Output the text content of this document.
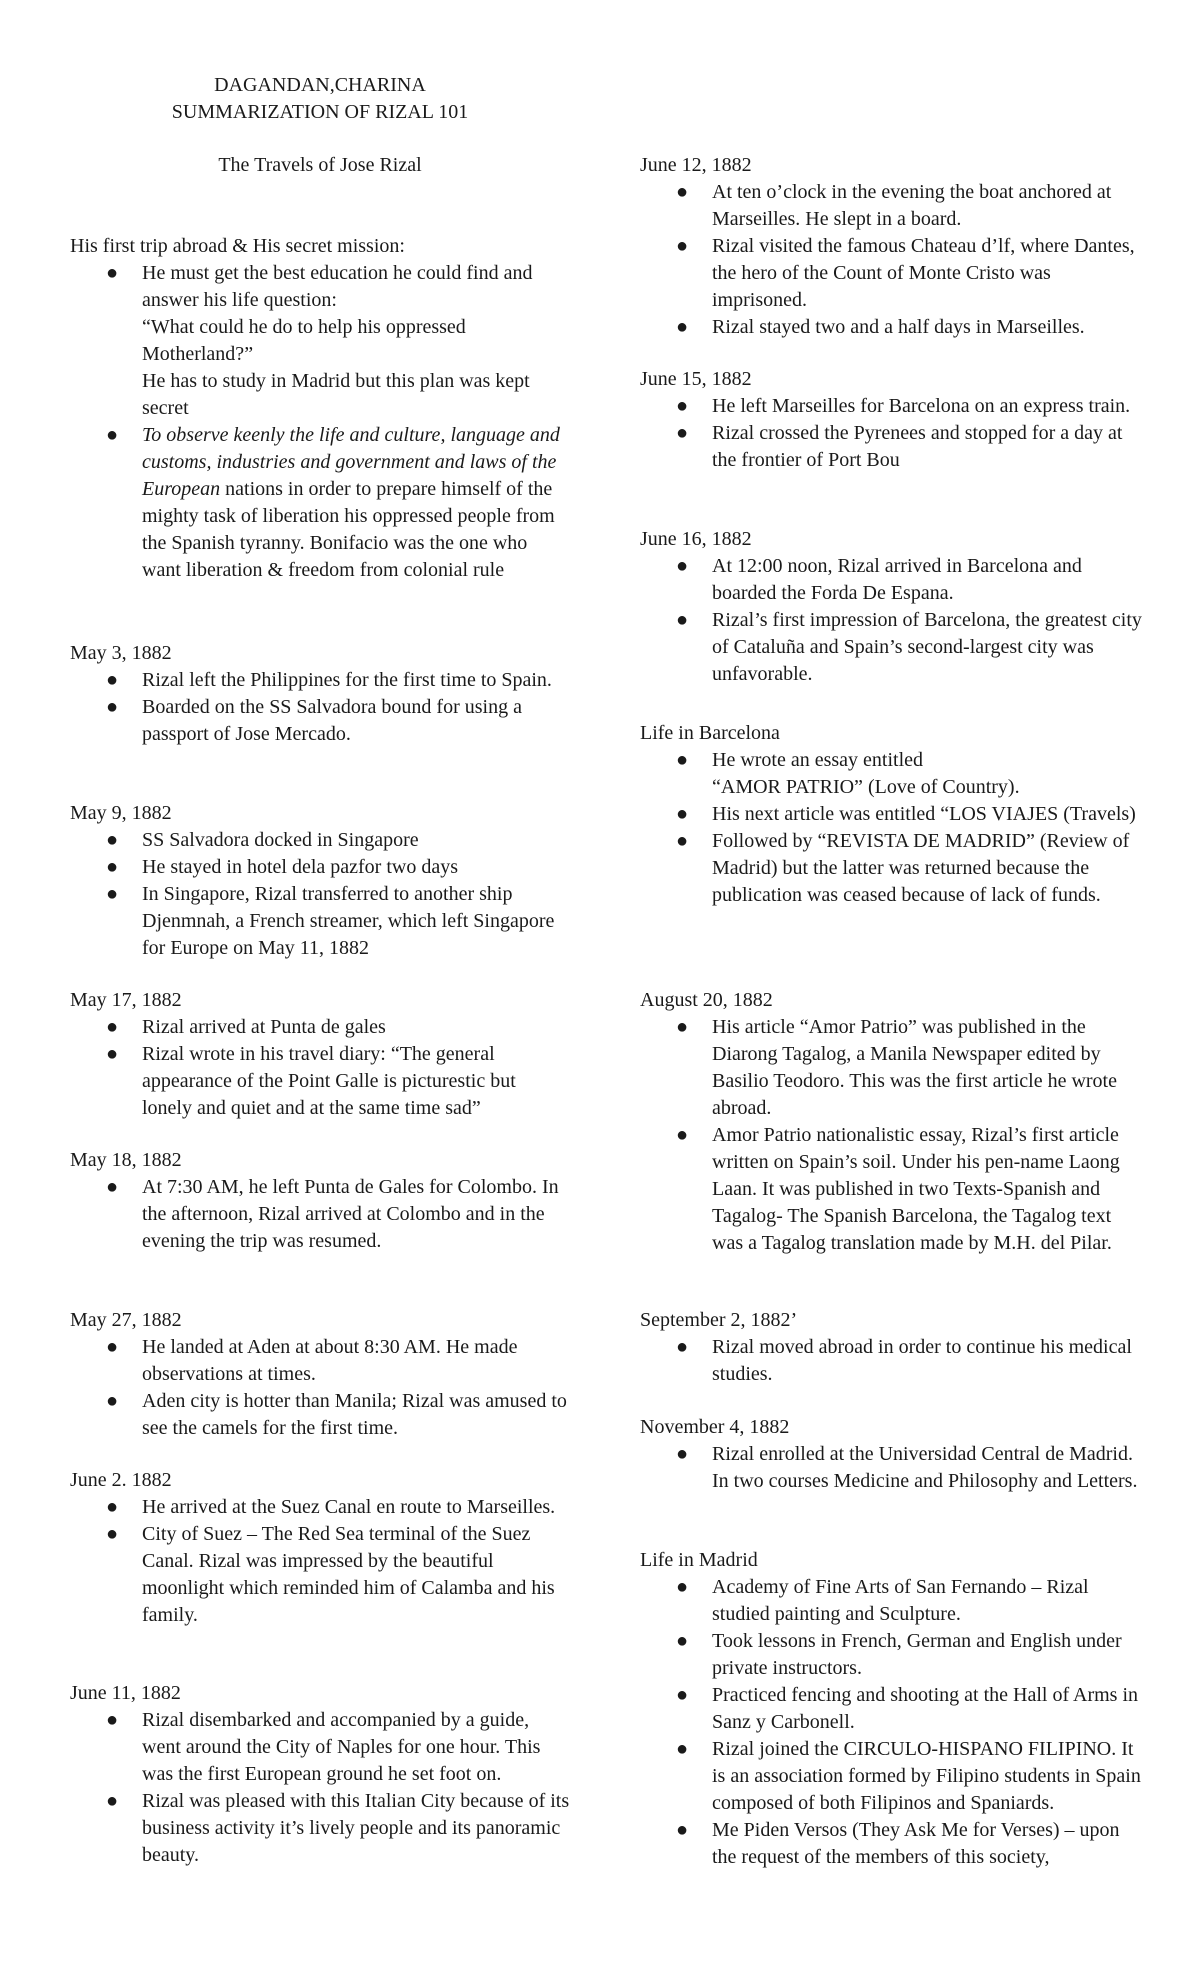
DAGANDAN,CHARINA
SUMMARIZATION OF RIZAL 101
The Travels of Jose Rizal
His first trip abroad & His secret mission:
● He must get the best education he could find and answer his life question:

“What could he do to help his oppressed Motherland?”

He has to study in Madrid but this plan was kept secret

● To observe keenly the life and culture, language and customs, industries and government and laws of the European nations in order to prepare himself of the mighty task of liberation his oppressed people from the Spanish tyranny. Bonifacio was the one who want liberation & freedom from colonial rule

May 3, 1882
● Rizal left the Philippines for the first time to Spain.

● Boarded on the SS Salvadora bound for using a passport of Jose Mercado.

May 9, 1882
● SS Salvadora docked in Singapore

● He stayed in hotel dela pazfor two days

● In Singapore, Rizal transferred to another ship Djenmnah, a French streamer, which left Singapore for Europe on May 11, 1882

May 17, 1882
● Rizal arrived at Punta de gales

● Rizal wrote in his travel diary: “The general appearance of the Point Galle is picturestic but lonely and quiet and at the same time sad”

May 18, 1882
● At 7:30 AM, he left Punta de Gales for Colombo. In the afternoon, Rizal arrived at Colombo and in the evening the trip was resumed.

May 27, 1882
● He landed at Aden at about 8:30 AM. He made observations at times.

● Aden city is hotter than Manila; Rizal was amused to see the camels for the first time.

June 2. 1882
● He arrived at the Suez Canal en route to Marseilles.

● City of Suez – The Red Sea terminal of the Suez Canal. Rizal was impressed by the beautiful moonlight which reminded him of Calamba and his family.

June 11, 1882
● Rizal disembarked and accompanied by a guide, went around the City of Naples for one hour. This was the first European ground he set foot on.

● Rizal was pleased with this Italian City because of its business activity it’s lively people and its panoramic beauty.

June 12, 1882
● At ten o’clock in the evening the boat anchored at Marseilles. He slept in a board.

● Rizal visited the famous Chateau d’lf, where Dantes, the hero of the Count of Monte Cristo was imprisoned.

● Rizal stayed two and a half days in Marseilles.

June 15, 1882
● He left Marseilles for Barcelona on an express train.

● Rizal crossed the Pyrenees and stopped for a day at the frontier of Port Bou

June 16, 1882
● At 12:00 noon, Rizal arrived in Barcelona and boarded the Forda De Espana.

● Rizal’s first impression of Barcelona, the greatest city of Cataluña and Spain’s second-largest city was unfavorable.

Life in Barcelona
● He wrote an essay entitled

“AMOR PATRIO” (Love of Country).

● His next article was entitled “LOS VIAJES (Travels)

● Followed by “REVISTA DE MADRID” (Review of Madrid) but the latter was returned because the publication was ceased because of lack of funds.

August 20, 1882
● His article “Amor Patrio” was published in the Diarong Tagalog, a Manila Newspaper edited by Basilio Teodoro. This was the first article he wrote abroad.

● Amor Patrio nationalistic essay, Rizal’s first article written on Spain’s soil. Under his pen-name Laong Laan. It was published in two Texts-Spanish and Tagalog- The Spanish Barcelona, the Tagalog text was a Tagalog translation made by M.H. del Pilar.

September 2, 1882’
● Rizal moved abroad in order to continue his medical studies.

November 4, 1882
● Rizal enrolled at the Universidad Central de Madrid. In two courses Medicine and Philosophy and Letters.

Life in Madrid
● Academy of Fine Arts of San Fernando – Rizal studied painting and Sculpture.

● Took lessons in French, German and English under private instructors.

● Practiced fencing and shooting at the Hall of Arms in Sanz y Carbonell.

● Rizal joined the CIRCULO-HISPANO FILIPINO. It is an association formed by Filipino students in Spain composed of both Filipinos and Spaniards.

● Me Piden Versos (They Ask Me for Verses) – upon the request of the members of this society,
